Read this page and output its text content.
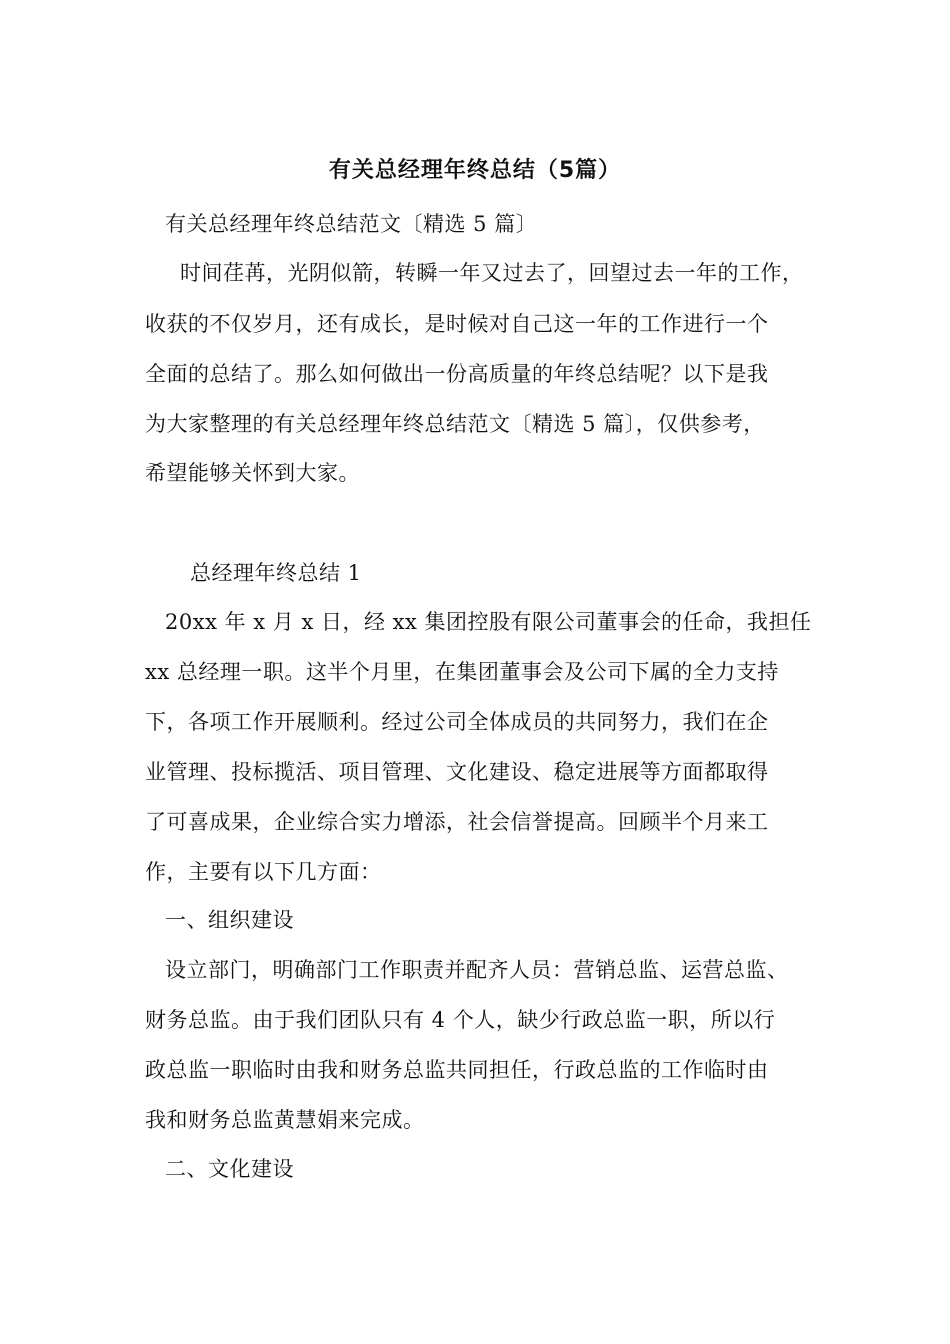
有关总经理年终总结（5篇）
有关总经理年终总结范文〔精选 5 篇〕
时间荏苒，光阴似箭，转瞬一年又过去了，回望过去一年的工作，
收获的不仅岁月，还有成长，是时候对自己这一年的工作进行一个
全面的总结了。那么如何做出一份高质量的年终总结呢？以下是我
为大家整理的有关总经理年终总结范文〔精选 5 篇〕，仅供参考，
希望能够关怀到大家。
总经理年终总结 1
20xx 年 x 月 x 日，经 xx 集团控股有限公司董事会的任命，我担任
xx 总经理一职。这半个月里，在集团董事会及公司下属的全力支持
下，各项工作开展顺利。经过公司全体成员的共同努力，我们在企
业管理、投标揽活、项目管理、文化建设、稳定进展等方面都取得
了可喜成果，企业综合实力增添，社会信誉提高。回顾半个月来工
作，主要有以下几方面：
一、组织建设
设立部门，明确部门工作职责并配齐人员：营销总监、运营总监、
财务总监。由于我们团队只有 4 个人，缺少行政总监一职，所以行
政总监一职临时由我和财务总监共同担任，行政总监的工作临时由
我和财务总监黄慧娟来完成。
二、文化建设
